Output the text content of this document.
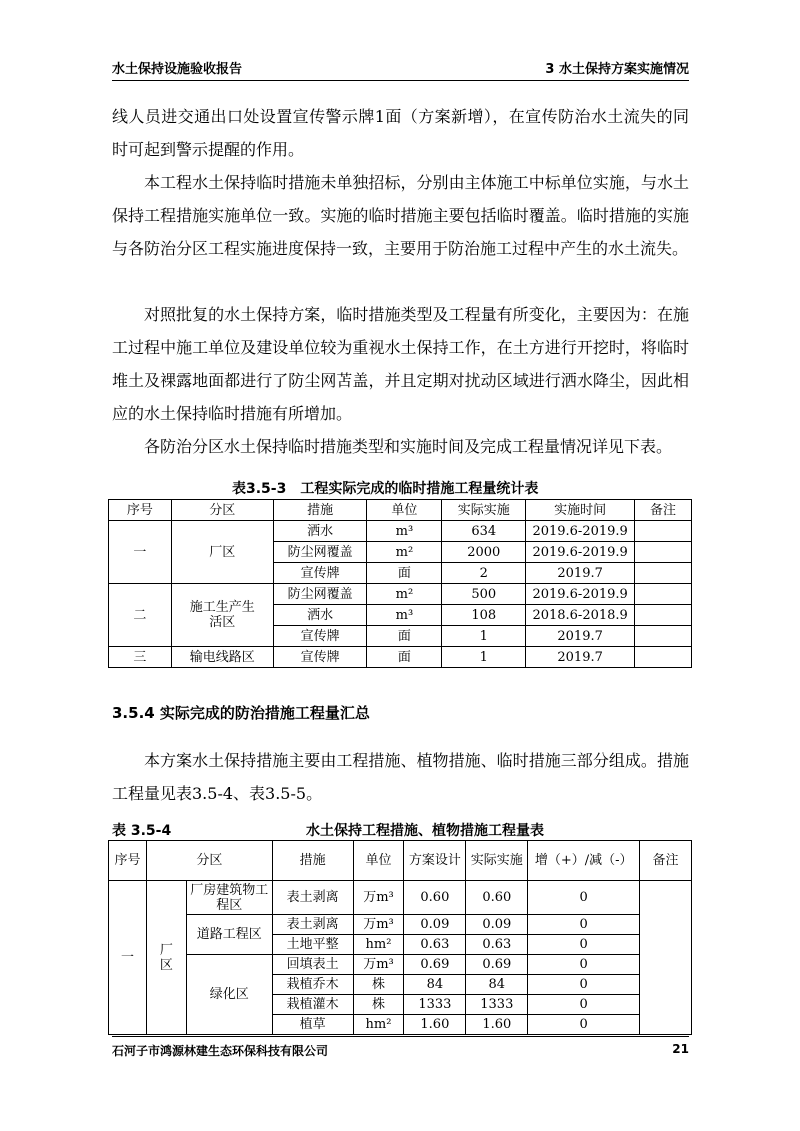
水土保持设施验收报告	3 水土保持方案实施情况

线人员进交通出口处设置宣传警示牌1面（方案新增），在宣传防治水土流失的同时可起到警示提醒的作用。

本工程水土保持临时措施未单独招标，分别由主体施工中标单位实施，与水土保持工程措施实施单位一致。实施的临时措施主要包括临时覆盖。临时措施的实施与各防治分区工程实施进度保持一致，主要用于防治施工过程中产生的水土流失。

对照批复的水土保持方案，临时措施类型及工程量有所变化，主要因为：在施工过程中施工单位及建设单位较为重视水土保持工作，在土方进行开挖时，将临时堆土及裸露地面都进行了防尘网苫盖，并且定期对扰动区域进行洒水降尘，因此相应的水土保持临时措施有所增加。

各防治分区水土保持临时措施类型和实施时间及完成工程量情况详见下表。

表3.5-3　工程实际完成的临时措施工程量统计表
序号	分区	措施	单位	实际实施	实施时间	备注
一	厂区	洒水	m³	634	2019.6-2019.9	
		防尘网覆盖	m²	2000	2019.6-2019.9	
		宣传牌	面	2	2019.7	
二	施工生产生活区	防尘网覆盖	m²	500	2019.6-2019.9	
		洒水	m³	108	2018.6-2018.9	
		宣传牌	面	1	2019.7	
三	输电线路区	宣传牌	面	1	2019.7	
3.5.4 实际完成的防治措施工程量汇总

本方案水土保持措施主要由工程措施、植物措施、临时措施三部分组成。措施工程量见表3.5-4、表3.5-5。

表 3.5-4	水土保持工程措施、植物措施工程量表
序号	分区		措施	单位	方案设计	实际实施	增（+）/减（-）	备注
一	厂区	厂房建筑物工程区	表土剥离	万m³	0.60	0.60	0	
		道路工程区	表土剥离	万m³	0.09	0.09	0	
			土地平整	hm²	0.63	0.63	0	
		绿化区	回填表土	万m³	0.69	0.69	0	
			栽植乔木	株	84	84	0	
			栽植灌木	株	1333	1333	0	
			植草	hm²	1.60	1.60	0	
石河子市鸿源林建生态环保科技有限公司	21
